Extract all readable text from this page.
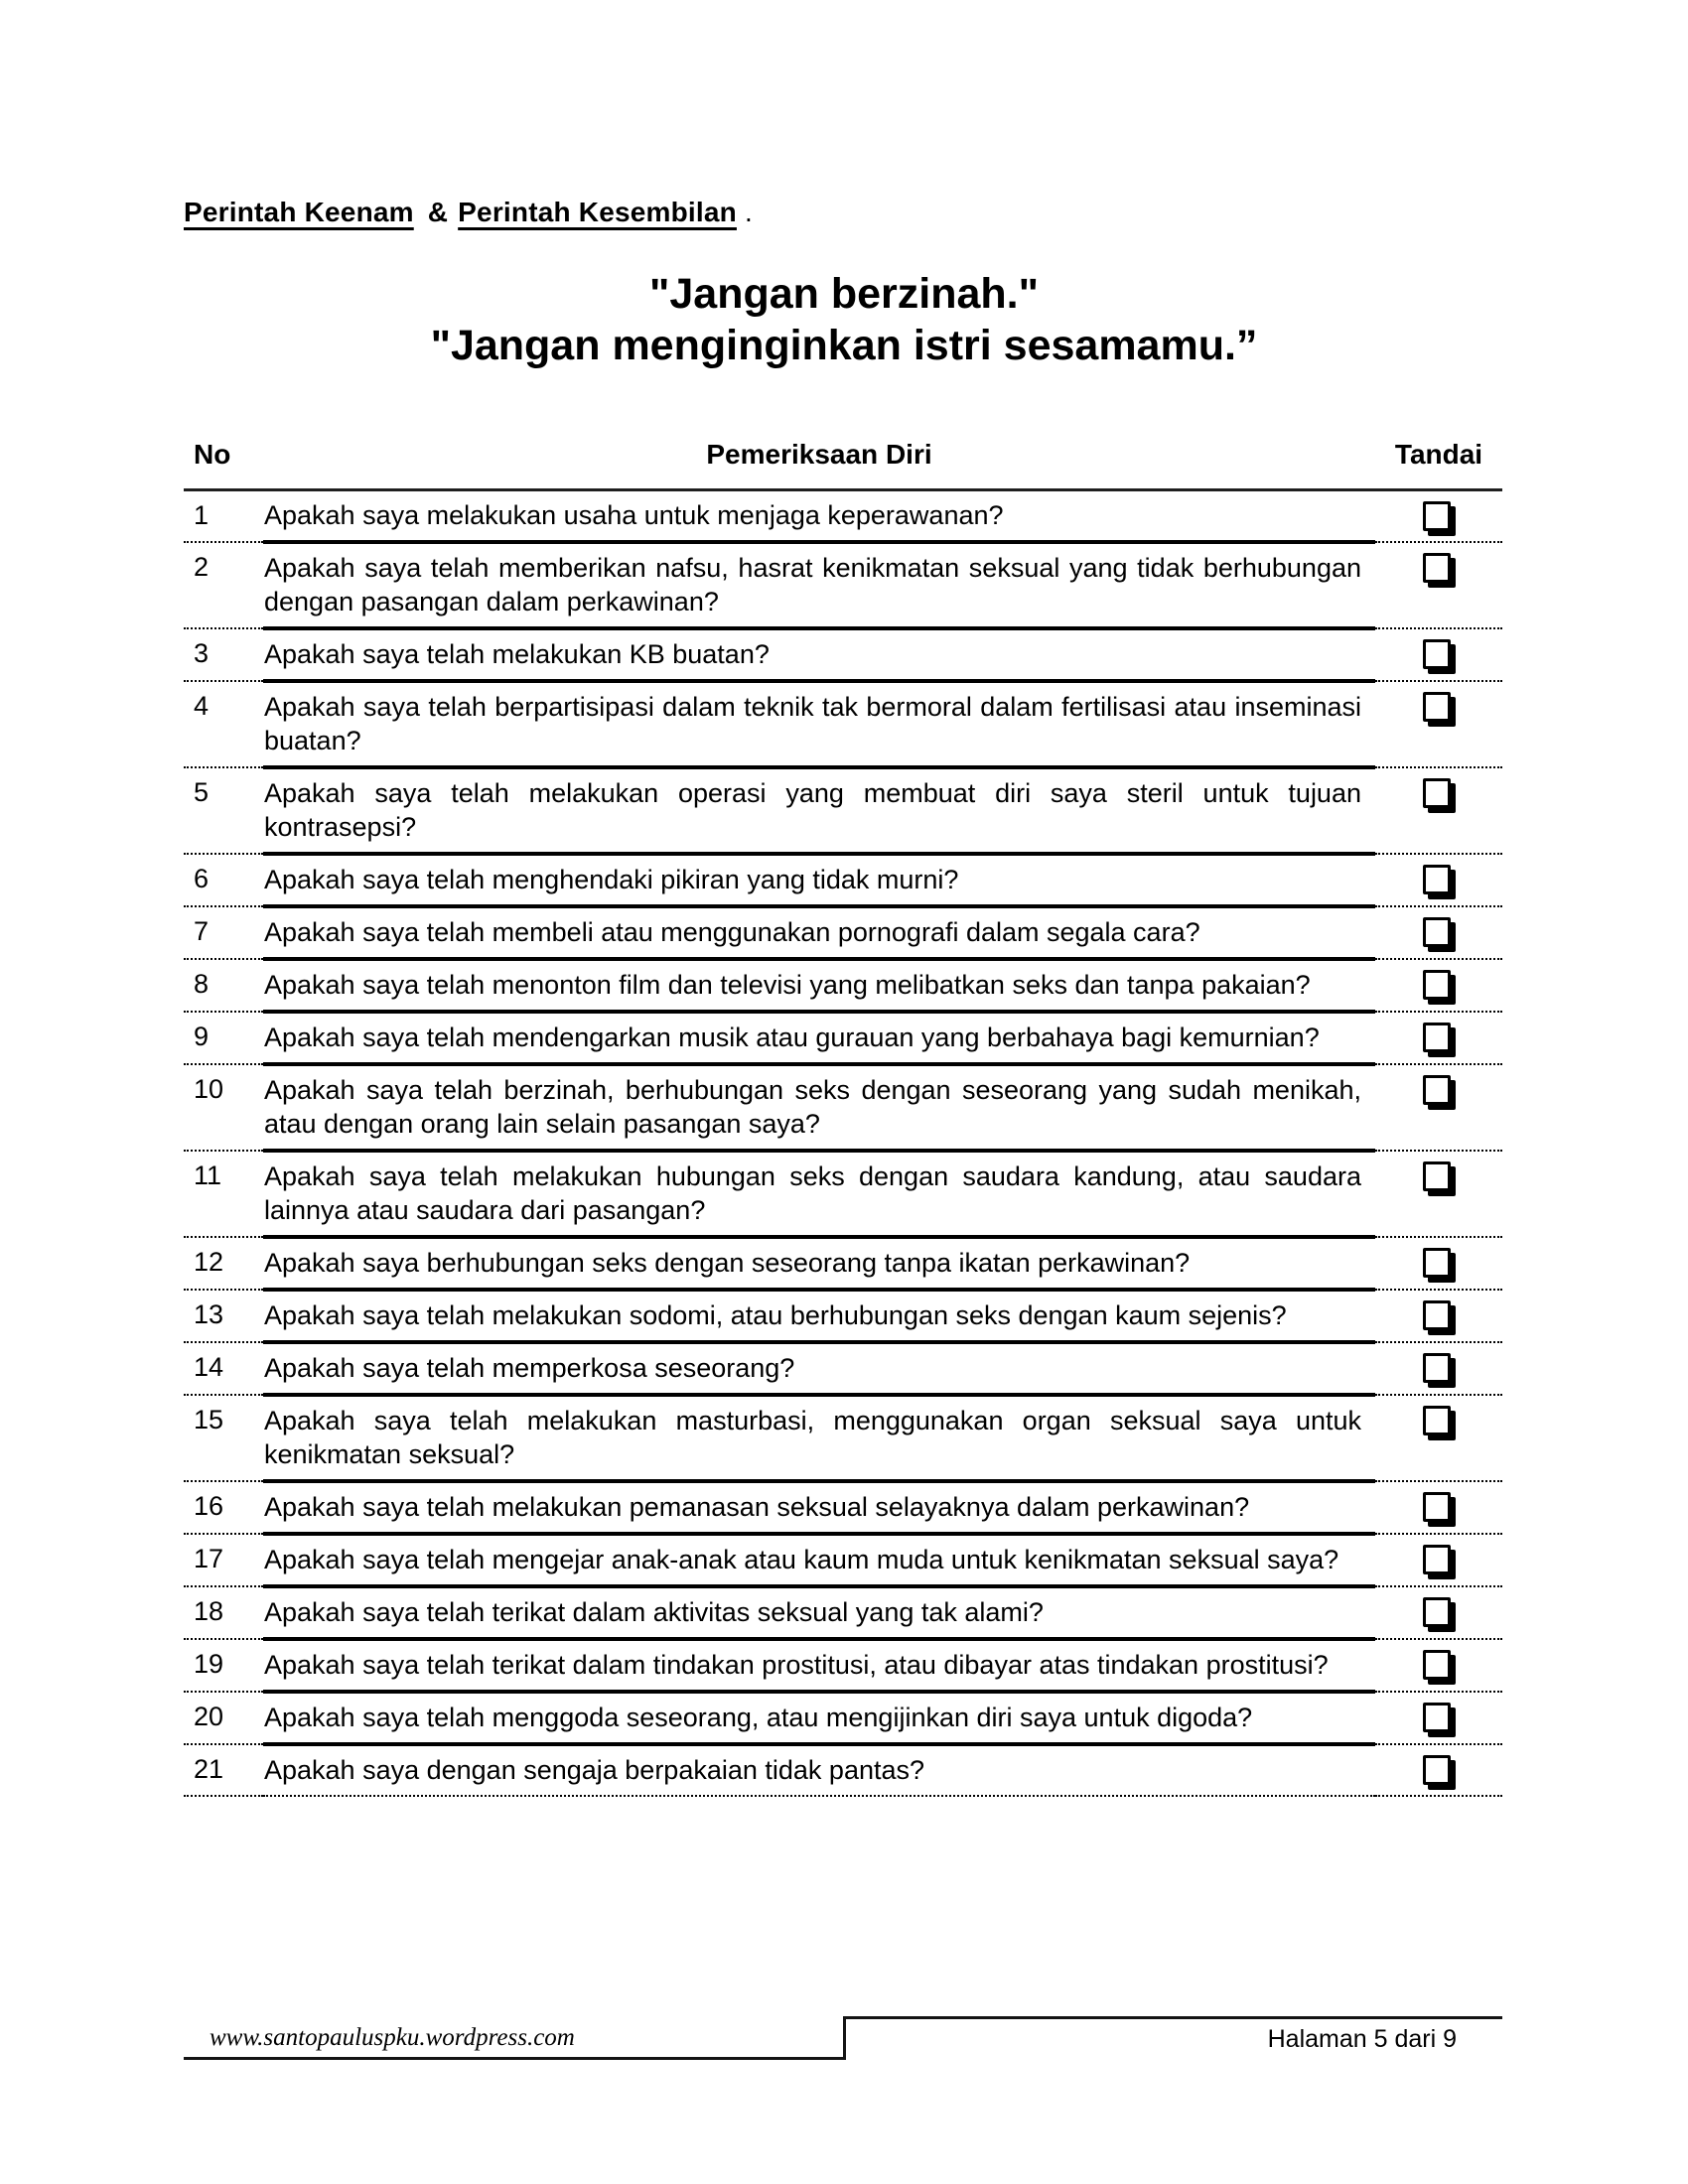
Perintah Keenam & Perintah Kesembilan .
"Jangan berzinah."
"Jangan menginginkan istri sesamamu.”
No	Pemeriksaan Diri	Tandai
1	Apakah saya melakukan usaha untuk menjaga keperawanan?	

2	Apakah saya telah memberikan nafsu, hasrat kenikmatan seksual yang tidak berhubungan dengan pasangan dalam perkawinan?	

3	Apakah saya telah melakukan KB buatan?	

4	Apakah saya telah berpartisipasi dalam teknik tak bermoral dalam fertilisasi atau inseminasi buatan?	

5	Apakah saya telah melakukan operasi yang membuat diri saya steril untuk tujuan kontrasepsi?	

6	Apakah saya telah menghendaki pikiran yang tidak murni?	

7	Apakah saya telah membeli atau menggunakan pornografi dalam segala cara?	

8	Apakah saya telah menonton film dan televisi yang melibatkan seks dan tanpa pakaian?	

9	Apakah saya telah mendengarkan musik atau gurauan yang berbahaya bagi kemurnian?	

10	Apakah saya telah berzinah, berhubungan seks dengan seseorang yang sudah menikah, atau dengan orang lain selain pasangan saya?	

11	Apakah saya telah melakukan hubungan seks dengan saudara kandung, atau saudara lainnya atau saudara dari pasangan?	

12	Apakah saya berhubungan seks dengan seseorang tanpa ikatan perkawinan?	

13	Apakah saya telah melakukan sodomi, atau berhubungan seks dengan kaum sejenis?	

14	Apakah saya telah memperkosa seseorang?	

15	Apakah saya telah melakukan masturbasi, menggunakan organ seksual saya untuk kenikmatan seksual?	

16	Apakah saya telah melakukan pemanasan seksual selayaknya dalam perkawinan?	

17	Apakah saya telah mengejar anak-anak atau kaum muda untuk kenikmatan seksual saya?	

18	Apakah saya telah terikat dalam aktivitas seksual yang tak alami?	

19	Apakah saya telah terikat dalam tindakan prostitusi, atau dibayar atas tindakan prostitusi?	

20	Apakah saya telah menggoda seseorang, atau mengijinkan diri saya untuk digoda?	

21	Apakah saya dengan sengaja berpakaian tidak pantas?	
www.santopauluspku.wordpress.com	Halaman 5 dari 9
